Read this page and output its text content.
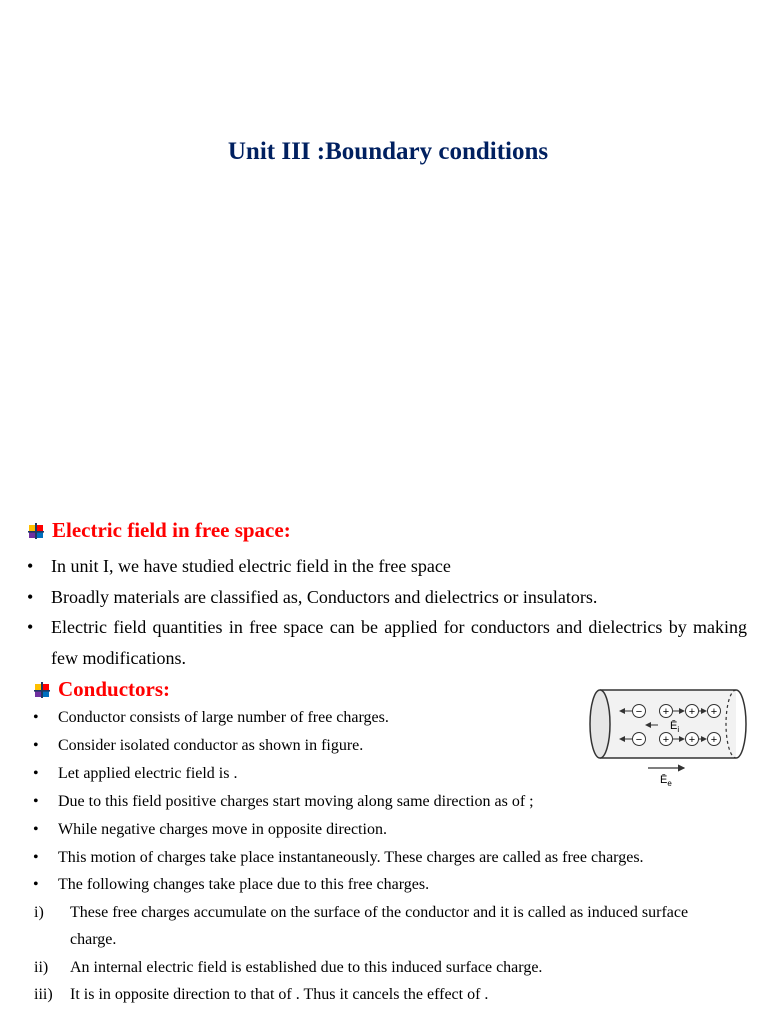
Unit III :Boundary conditions
Electric field in free space:
• In unit I, we have studied electric field in the free space
• Broadly materials are classified as, Conductors and dielectrics or insulators.
• Electric field quantities in free space can be applied for conductors and dielectrics by making few modifications.
Conductors:
• Conductor consists of large number of free charges.
• Consider isolated conductor as shown in figure.
• Let applied electric field is .
• Due to this field positive charges start moving along same direction as of ;
• While negative charges move in opposite direction.
• This motion of charges take place instantaneously. These charges are called as free charges.
• The following changes take place due to this free charges.
i) These free charges accumulate on the surface of the conductor and it is called as induced surface charge.
ii) An internal electric field is established due to this induced surface charge.
iii) It is in opposite direction to that of . Thus it cancels the effect of .
− + + +
$Ē_i$
− + + +
$Ē_e$
